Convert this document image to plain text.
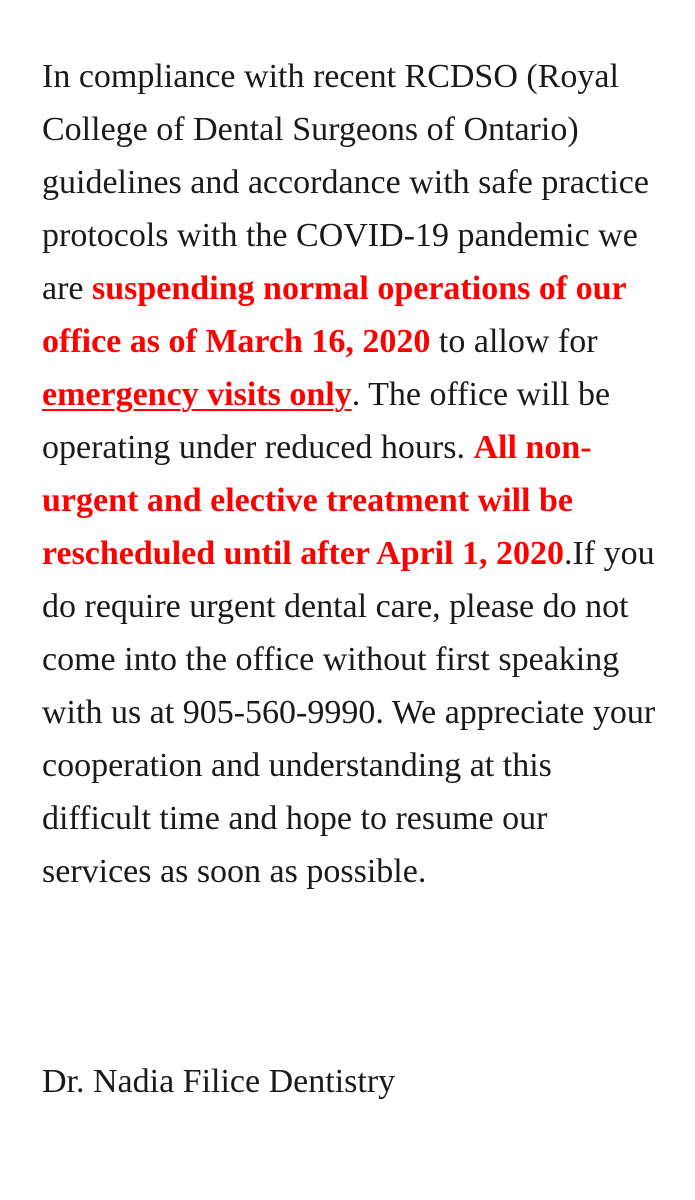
In compliance with recent RCDSO (Royal College of Dental Surgeons of Ontario) guidelines and accordance with safe practice protocols with the COVID-19 pandemic we are suspending normal operations of our office as of March 16, 2020 to allow for emergency visits only. The office will be operating under reduced hours. All non-urgent and elective treatment will be rescheduled until after April 1, 2020.If you do require urgent dental care, please do not come into the office without first speaking with us at 905-560-9990. We appreciate your cooperation and understanding at this difficult time and hope to resume our services as soon as possible.

Dr. Nadia Filice Dentistry
